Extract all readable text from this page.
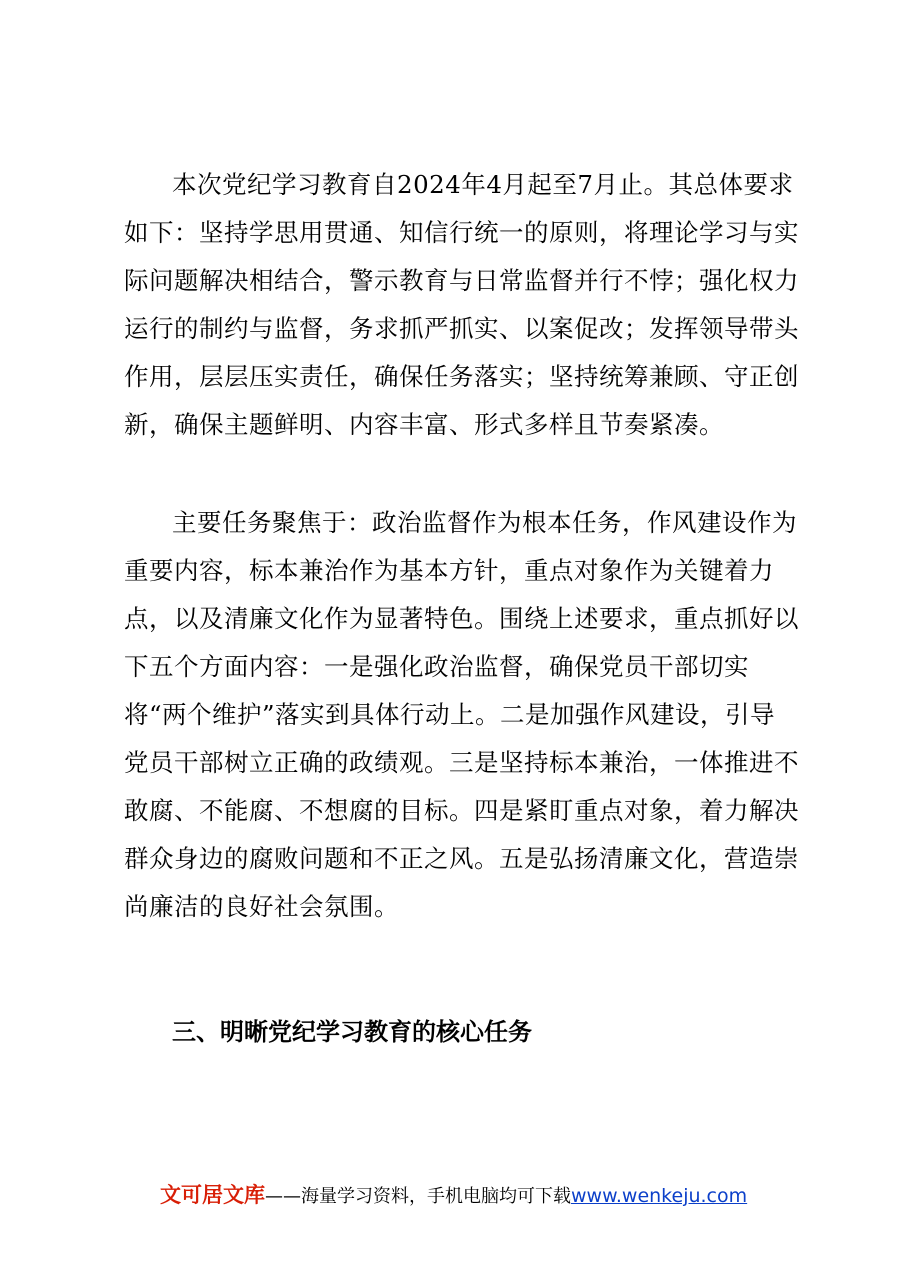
本次党纪学习教育自2024年4月起至7月止。其总体要求
如下：坚持学思用贯通、知信行统一的原则，将理论学习与实
际问题解决相结合，警示教育与日常监督并行不悖；强化权力
运行的制约与监督，务求抓严抓实、以案促改；发挥领导带头
作用，层层压实责任，确保任务落实；坚持统筹兼顾、守正创
新，确保主题鲜明、内容丰富、形式多样且节奏紧凑。
主要任务聚焦于：政治监督作为根本任务，作风建设作为
重要内容，标本兼治作为基本方针，重点对象作为关键着力
点，以及清廉文化作为显著特色。围绕上述要求，重点抓好以
下五个方面内容：一是强化政治监督，确保党员干部切实
将“两个维护”落实到具体行动上。二是加强作风建设，引导
党员干部树立正确的政绩观。三是坚持标本兼治，一体推进不
敢腐、不能腐、不想腐的目标。四是紧盯重点对象，着力解决
群众身边的腐败问题和不正之风。五是弘扬清廉文化，营造崇
尚廉洁的良好社会氛围。
三、明晰党纪学习教育的核心任务
文可居文库——海量学习资料，手机电脑均可下载www.wenkeju.com
